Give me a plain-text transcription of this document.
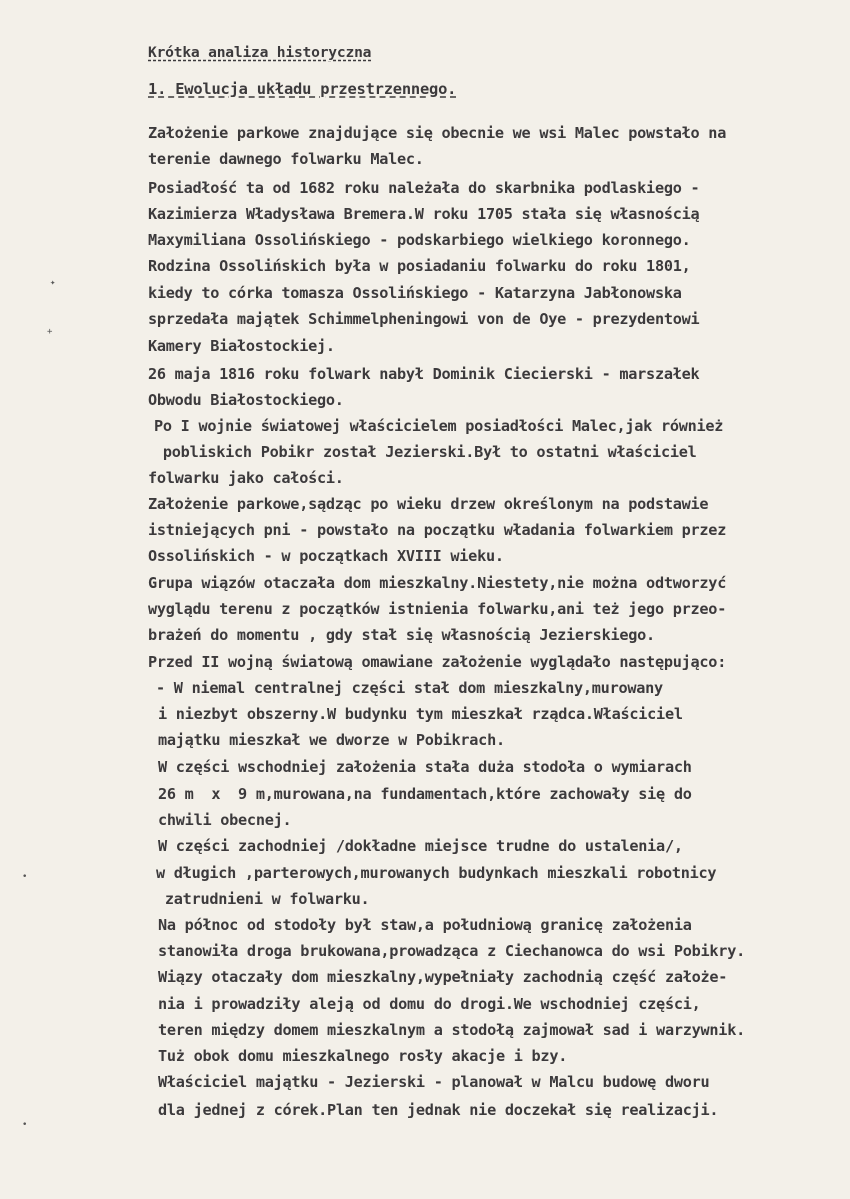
Krótka analiza historyczna
1. Ewolucja układu przestrzennego.
Założenie parkowe znajdujące się obecnie we wsi Malec powstało na
terenie dawnego folwarku Malec.
Posiadłość ta od 1682 roku należała do skarbnika podlaskiego -
Kazimierza Władysława Bremera.W roku 1705 stała się własnością
Maxymiliana Ossolińskiego - podskarbiego wielkiego koronnego.
Rodzina Ossolińskich była w posiadaniu folwarku do roku 1801,
kiedy to córka tomasza Ossolińskiego - Katarzyna Jabłonowska
sprzedała majątek Schimmelpheningowi von de Oye - prezydentowi
Kamery Białostockiej.
26 maja 1816 roku folwark nabył Dominik Ciecierski - marszałek
Obwodu Białostockiego.
Po I wojnie światowej właścicielem posiadłości Malec,jak również
pobliskich Pobikr został Jezierski.Był to ostatni właściciel
folwarku jako całości.
Założenie parkowe,sądząc po wieku drzew określonym na podstawie
istniejących pni - powstało na początku władania folwarkiem przez
Ossolińskich - w początkach XVIII wieku.
Grupa wiązów otaczała dom mieszkalny.Niestety,nie można odtworzyć
wyglądu terenu z początków istnienia folwarku,ani też jego przeo-
brażeń do momentu , gdy stał się własnością Jezierskiego.
Przed II wojną światową omawiane założenie wyglądało następująco:
- W niemal centralnej części stał dom mieszkalny,murowany
i niezbyt obszerny.W budynku tym mieszkał rządca.Właściciel
majątku mieszkał we dworze w Pobikrach.
W części wschodniej założenia stała duża stodoła o wymiarach
26 m  x  9 m,murowana,na fundamentach,które zachowały się do
chwili obecnej.
W części zachodniej /dokładne miejsce trudne do ustalenia/,
w długich ,parterowych,murowanych budynkach mieszkali robotnicy
zatrudnieni w folwarku.
Na północ od stodoły był staw,a południową granicę założenia
stanowiła droga brukowana,prowadząca z Ciechanowca do wsi Pobikry.
Wiązy otaczały dom mieszkalny,wypełniały zachodnią część założe-
nia i prowadziły aleją od domu do drogi.We wschodniej części,
teren między domem mieszkalnym a stodołą zajmował sad i warzywnik.
Tuż obok domu mieszkalnego rosły akacje i bzy.
Właściciel majątku - Jezierski - planował w Malcu budowę dworu
dla jednej z córek.Plan ten jednak nie doczekał się realizacji.
✦
+
•
•
